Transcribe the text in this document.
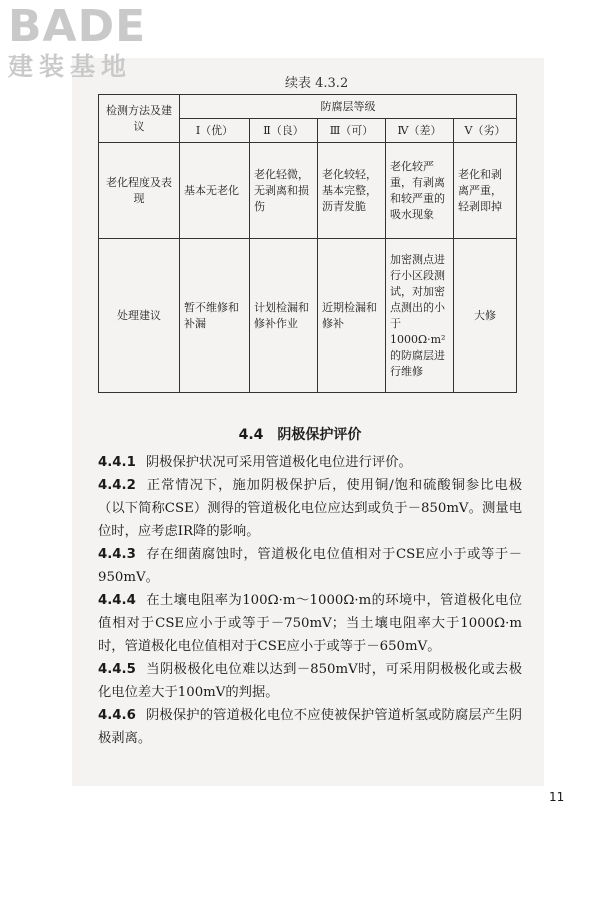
BADE
建装基地
续表 4.3.2
检测方法及建议	防腐层等级				
	Ⅰ（优）	Ⅱ（良）	Ⅲ（可）	Ⅳ（差）	Ⅴ（劣）
老化程度及表现	基本无老化	老化轻微，无剥离和损伤	老化较轻，基本完整，沥青发脆	老化较严重，有剥离和较严重的吸水现象	老化和剥离严重，轻剥即掉
处理建议	暂不维修和补漏	计划检漏和修补作业	近期检漏和修补	加密测点进行小区段测试，对加密点测出的小于1000Ω·m²的防腐层进行维修	大修
4.4　阴极保护评价

4.4.1 阴极保护状况可采用管道极化电位进行评价。

4.4.2 正常情况下，施加阴极保护后，使用铜/饱和硫酸铜参比电极（以下简称CSE）测得的管道极化电位应达到或负于－850mV。测量电位时，应考虑IR降的影响。

4.4.3 存在细菌腐蚀时，管道极化电位值相对于CSE应小于或等于－950mV。

4.4.4 在土壤电阻率为100Ω·m～1000Ω·m的环境中，管道极化电位值相对于CSE应小于或等于－750mV；当土壤电阻率大于1000Ω·m时，管道极化电位值相对于CSE应小于或等于－650mV。

4.4.5 当阴极极化电位难以达到－850mV时，可采用阴极极化或去极化电位差大于100mV的判据。

4.4.6 阴极保护的管道极化电位不应使被保护管道析氢或防腐层产生阴极剥离。

11
